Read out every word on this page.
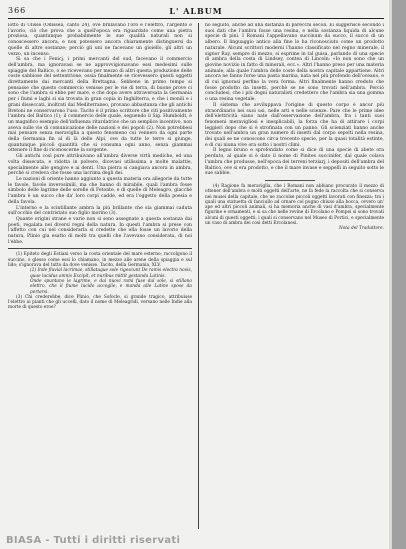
366	L' ALBUM

lotto di Ulisse (Odissea, canto 24), ove brillavano l'oro e l'elettro, l'argento e l'avorio, ciò che prova che a quell'epoca era riguardato come una pietra preziosa, quantunque probabilmente le sue qualità naturali non si conoscessero ancora, e non potessero ancora chiaramente distinguersi da quelle di altre sostanze; perciò gli uni ne facevano un gioiello, gli altri un vezzo, un incenso.

Si sa che i Fenicj, i primi mercanti del sud, facevano il commercio dell'ambra, ma ignoravasi se ne approvvigionavano essi medesimi sulle spiaggie del Baltico, o se ricevevano per mezzo di altri questa produzione delle coste sabbiose del settentrione, ossia finalmente se ricevessero questi oggetti direttamente dai mercanti della Brettagna. Sebbene in primo tempo si pensasse che questo commercio venisse per le vie di terra, di buone prove ci sono che l'ambra si ebbe per mare, e che dopo avere attraversata la Germania per i fiumi e laghi si sia trovata in gran copia in Inghilterra, e che i monili e i grani disseccati, inoltrati dal Mediterraneo, provano abbastanza che gli antichi Bretoni ne conservarono l'uso. Tacito è il primo scrittore che citi positivamente l'ambra del Baltico (1); il commercio delle quale, seguendo il Sig. Humboldt, è un magnifico esempio dell'influenza ritardatrice che un semplice incentivo, non aveva sulle vie di comunicazione delle nazioni e dei popoli (2). Non potrebbesi mai pensare senza meraviglia a questo fenomeno cui vennero da ogni parte della Germania fin al di là delle Alpi, ove da tutte le terre si giunge, quantunque piccoli quantità che si consuma ogni anno, senza giammai ottenere il fine di riconoscerne la sorgente.

Gli antichi così pure attribuivano all'ambra diverse virtù mediche, ed una volta dissecata, e ridotta in polvere, dicevasi utilissima a molte malattie, specialmente alle gengive e ai denti. Una pietra si cangiava ancora in ambra, perchè si credeva che fosse una lacrima degli dei.

Le nazioni di oriente hanno aggiunto a questa materia ora allegorie da tutte le favole, favole inverosimili, ma che hanno di mirabile, quali l'ambra fosse simbolo delle lagrime delle sorelle di Fetonte, e di quelle di Meleagro, giacchè l'ambra è un succo che da' loro corpi cadde, ed era l'oggetto della poesia e della favola.

L'interno e la scintillante ambra la più brillante che sia giammai caduta sull'occhio del contristato suo figlio morino (3).

Quante origini strane e varie non si sono assegnate a questa sostanza dai poeti, regalata nei diversi regni della natura. In questi l'ambra si prese con l'affetto con cui nel considerarla si credette che ella fosse un lavorio della natura, Plinio gia esatto di molti tra quelli che l'avevano considerata, di noi l'ebbe.

(1) Epiteto degli Estiani verso la costa orientale del mare esterno; raccolgono il succino, o glesso come essi lo chiamano, in mezzo alle arene della spiaggia e sul lido; s'ignorava del tutto da dove venisse. Tacito, della Germania, XLV.

(2) Inde fluvial lacrimae, stillataque sole rigescunt De ramis electra novis, quae lucidus amnis Excipit, et nuribus mittit gestanda Latinis.

Onde spuntano le lagrime, e dai nuovi rami fuse dal sole, si stillano elettro, che il fiume lucido accoglie, e manda alle Latine spose da portarsi.

(3) Chi crederebbe, dice Plinio, che Sofocle, si grande tragico, attribuisse l'elettro ai pianti che gli uccelli, dato il nome di Meleagridi, versano nelle Indie alla morte di questo eroe?

no seguito, anche ad una distanza di parecchi secoli. Ei suggerisce secondo i suoi dati che l'ambra fosse una resina, e nella sostanza liquida di alcune specie di pini. I Romani l'appellavano succinum da succo, il succo di un albero. Il linguaggio antico alla fine lo ha riconosciuto come un prodotto naturale. Alcuni scrittori moderni l'hanno classificato nel regno minerale, il signor Ray, sempre di mezzo, si esprime in tal guisa, parlando di una specie di ambra della costa di Lindsey, contea di Lincoln: «Io non sono che un giovine novizio in fatto di minerali, ecc.». Altri l'hanno preso per una materia animale, alla quale l'ambra delle coste della nostra capitale appartiene. Altri ancora ne fanno forse una pasta marina, nata nel più profondo dell'oceano, e di cui ignorasi perfino la vera forma. Altri finalmente hanno creduto che fosse prodotto da insetti, perchè se ne sono trovati nell'ambra. Perciò concludesi, che i più degni naturalisti credettero che l'ambra sia una gomma o una resina vegetale.

Il sistema che avviluppava l'origine di questo corpo è ancor più straordinario nei suoi usi, nelle arti e nelle scienze. Pare che le prime idee dell'elettricità siano nate dall'osservazione dell'ambra, fra i tanti suoi fenomeni meravigliosi e inesplicabili, la forza che ha di attirare i corpi leggieri dopo che si è strofinata con un panno. Gli scienziati hanno anche trovato nell'ambra un gran numero di insetti dal corpo sepolti nella resina, dei quali se ne conoscono circa trecento specie, per la quasi totalità estinte, e di cui niuna vive ora sotto i nostri climi.

Il legno bruno e sprofondato come si dice di una specie di abete ora perduto, al quale si è dato il nome di Pinites succinifer, dal quale colava l'ambra che produsse, nell'epoca dei terreni terziarj, i depositi dell'ambra del Baltico, ove si era prodotto, e che il mare invase e seppellì in seguito sotto le sue sabbie.

(4) Ragione fa meraviglia, che i Romani non abbiano procurato il mezzo di ottener dell'ambra e molti oggetti dell'arte, ne fa fede la raccolta che si conserva nei musei della capitale, che ne raccolse piccoli oggetti lavorati con finezza; tra i quali una statuetta di fanciullo ad ornare col pugno chiuso alla bocca, ovvero un' ape ed altri piccoli animali, si ha memoria anche di vasi d'ambra, specialmente figurine e ornamenti, e si sa che nelle rovine di Ercolano e Pompei si sono trovati alcuni di questi oggetti, i quali si conservano nel Museo di Portici, e specialmente un vaso di ambra dei così detti Ercolanesi.

Nota del Traduttore.

BIASA - Tutti i diritti riservati
